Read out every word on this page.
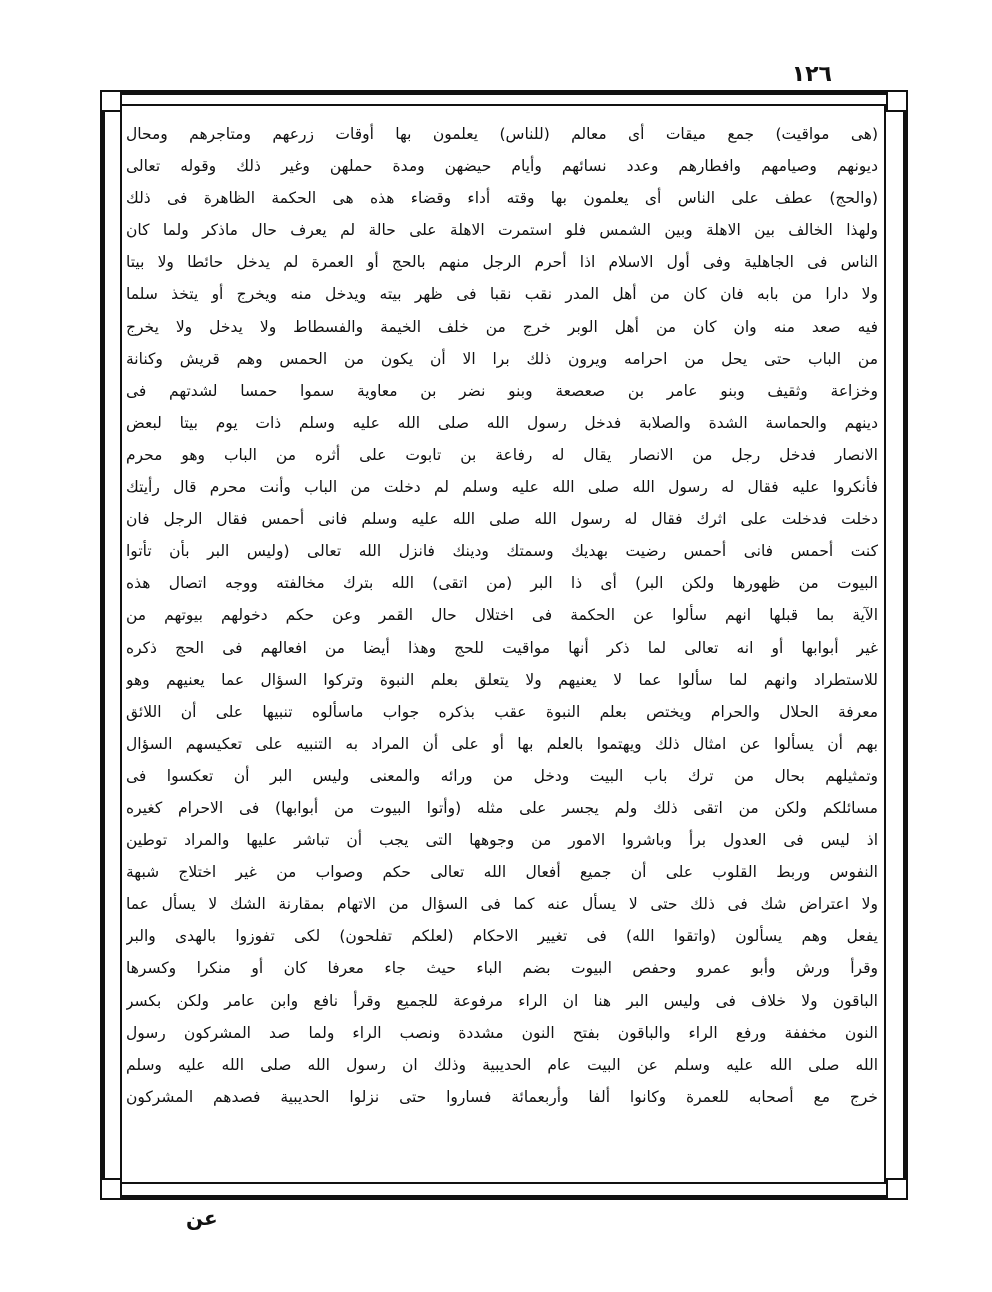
١٢٦
(هى مواقيت) جمع ميقات أى معالم (للناس) يعلمون بها أوقات زرعهم ومتاجرهم ومحال
ديونهم وصيامهم وافطارهم وعدد نسائهم وأيام حيضهن ومدة حملهن وغير ذلك وقوله تعالى
(والحج) عطف على الناس أى يعلمون بها وقته أداء وقضاء هذه هى الحكمة الظاهرة فى ذلك
ولهذا الخالف بين الاهلة وبين الشمس فلو استمرت الاهلة على حالة لم يعرف حال ماذكر ولما كان
الناس فى الجاهلية وفى أول الاسلام اذا أحرم الرجل منهم بالحج أو العمرة لم يدخل حائطا ولا بيتا
ولا دارا من بابه فان كان من أهل المدر نقب نقبا فى ظهر بيته ويدخل منه ويخرج أو يتخذ سلما
فيه صعد منه وان كان من أهل الوبر خرج من خلف الخيمة والفسطاط ولا يدخل ولا يخرج
من الباب حتى يحل من احرامه ويرون ذلك برا الا أن يكون من الحمس وهم قريش وكنانة
وخزاعة وثقيف وبنو عامر بن صعصعة وبنو نضر بن معاوية سموا حمسا لشدتهم فى
دينهم والحماسة الشدة والصلابة فدخل رسول الله صلى الله عليه وسلم ذات يوم بيتا لبعض
الانصار فدخل رجل من الانصار يقال له رفاعة بن تابوت على أثره من الباب وهو محرم
فأنكروا عليه فقال له رسول الله صلى الله عليه وسلم لم دخلت من الباب وأنت محرم قال رأيتك
دخلت فدخلت على اثرك فقال له رسول الله صلى الله عليه وسلم فانى أحمس فقال الرجل فان
كنت أحمس فانى أحمس رضيت بهديك وسمتك ودينك فانزل الله تعالى (وليس البر بأن تأتوا
البيوت من ظهورها ولكن البر) أى ذا البر (من اتقى) الله بترك مخالفته ووجه اتصال هذه
الآية بما قبلها انهم سألوا عن الحكمة فى اختلال حال القمر وعن حكم دخولهم بيوتهم من
غير أبوابها أو انه تعالى لما ذكر أنها مواقيت للحج وهذا أيضا من افعالهم فى الحج ذكره
للاستطراد وانهم لما سألوا عما لا يعنيهم ولا يتعلق بعلم النبوة وتركوا السؤال عما يعنيهم وهو
معرفة الحلال والحرام ويختص بعلم النبوة عقب بذكره جواب ماسألوه تنبيها على أن اللائق
بهم أن يسألوا عن امثال ذلك ويهتموا بالعلم بها أو على أن المراد به التنبيه على تعكيسهم السؤال
وتمثيلهم بحال من ترك باب البيت ودخل من ورائه والمعنى وليس البر أن تعكسوا فى
مسائلكم ولكن من اتقى ذلك ولم يجسر على مثله (وأتوا البيوت من أبوابها) فى الاحرام كغيره
اذ ليس فى العدول برأ وباشروا الامور من وجوهها التى يجب أن تباشر عليها والمراد توطين
النفوس وربط القلوب على أن جميع أفعال الله تعالى حكم وصواب من غير اختلاج شبهة
ولا اعتراض شك فى ذلك حتى لا يسأل عنه كما فى السؤال من الاتهام بمقارنة الشك لا يسأل عما
يفعل وهم يسألون (واتقوا الله) فى تغيير الاحكام (لعلكم تفلحون) لكى تفوزوا بالهدى والبر
وقرأ ورش وأبو عمرو وحفص البيوت بضم الباء حيث جاء معرفا كان أو منكرا وكسرها
الباقون ولا خلاف فى وليس البر هنا ان الراء مرفوعة للجميع وقرأ نافع وابن عامر ولكن بكسر
النون مخففة ورفع الراء والباقون بفتح النون مشددة ونصب الراء ولما صد المشركون رسول
الله صلى الله عليه وسلم عن البيت عام الحديبية وذلك ان رسول الله صلى الله عليه وسلم
خرج مع أصحابه للعمرة وكانوا ألفا وأربعمائة فساروا حتى نزلوا الحديبية فصدهم المشركون
عن
